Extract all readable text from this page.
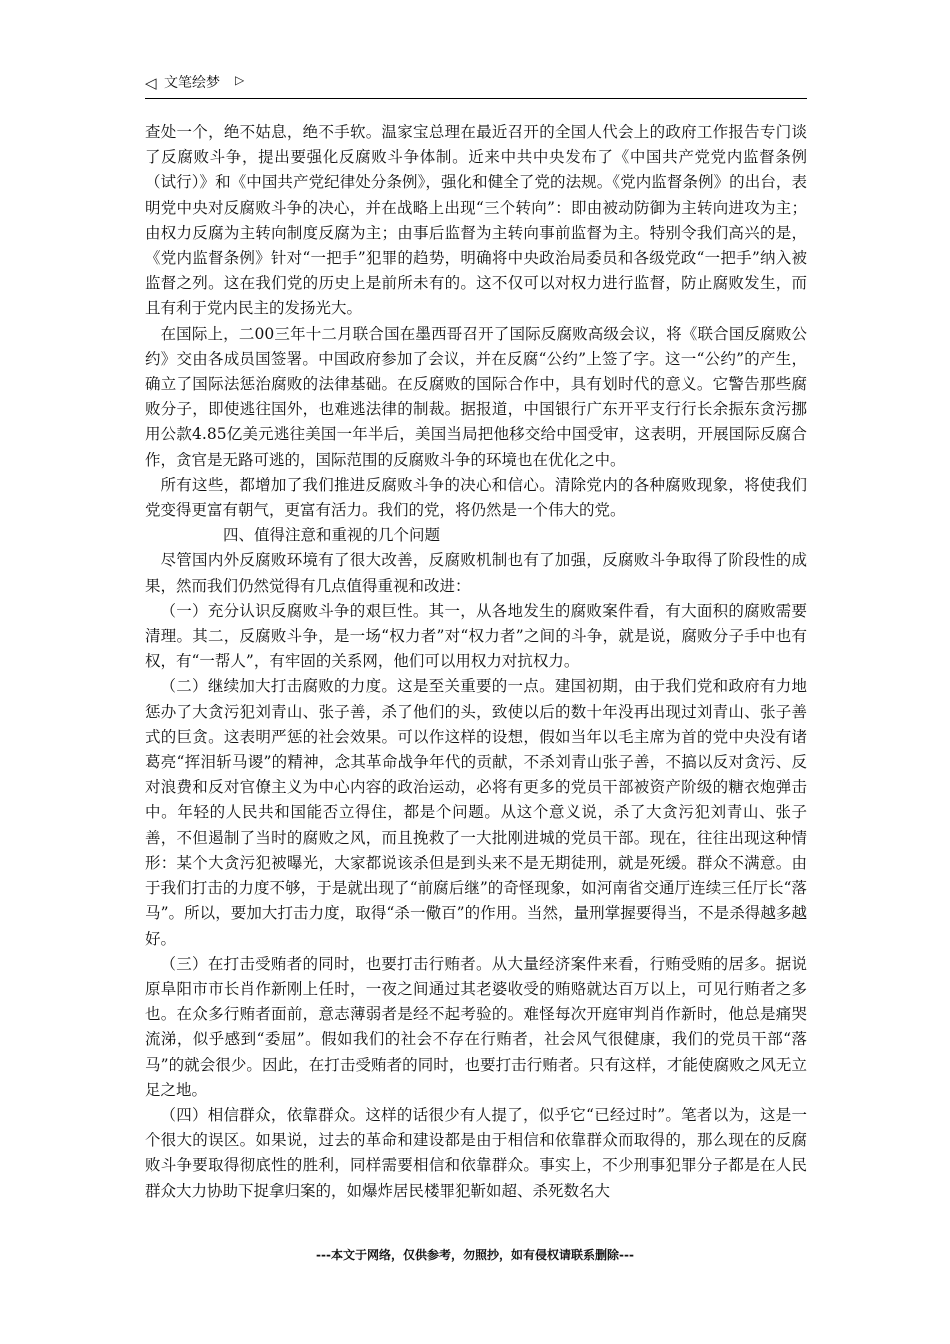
◁ 文笔绘梦 ▷

查处一个，绝不姑息，绝不手软。温家宝总理在最近召开的全国人代会上的政府工作报告专门谈了反腐败斗争，提出要强化反腐败斗争体制。近来中共中央发布了《中国共产党党内监督条例（试行）》和《中国共产党纪律处分条例》，强化和健全了党的法规。《党内监督条例》的出台，表明党中央对反腐败斗争的决心，并在战略上出现“三个转向”：即由被动防御为主转向进攻为主；由权力反腐为主转向制度反腐为主；由事后监督为主转向事前监督为主。特别令我们高兴的是，《党内监督条例》针对“一把手”犯罪的趋势，明确将中央政治局委员和各级党政“一把手”纳入被监督之列。这在我们党的历史上是前所未有的。这不仅可以对权力进行监督，防止腐败发生，而且有利于党内民主的发扬光大。

在国际上，二00三年十二月联合国在墨西哥召开了国际反腐败高级会议，将《联合国反腐败公约》交由各成员国签署。中国政府参加了会议，并在反腐“公约”上签了字。这一“公约”的产生，确立了国际法惩治腐败的法律基础。在反腐败的国际合作中，具有划时代的意义。它警告那些腐败分子，即使逃往国外，也难逃法律的制裁。据报道，中国银行广东开平支行行长余振东贪污挪用公款4.85亿美元逃往美国一年半后，美国当局把他移交给中国受审，这表明，开展国际反腐合作，贪官是无路可逃的，国际范围的反腐败斗争的环境也在优化之中。

所有这些，都增加了我们推进反腐败斗争的决心和信心。清除党内的各种腐败现象，将使我们党变得更富有朝气，更富有活力。我们的党，将仍然是一个伟大的党。

四、值得注意和重视的几个问题

尽管国内外反腐败环境有了很大改善，反腐败机制也有了加强，反腐败斗争取得了阶段性的成果，然而我们仍然觉得有几点值得重视和改进：

（一）充分认识反腐败斗争的艰巨性。其一，从各地发生的腐败案件看，有大面积的腐败需要清理。其二，反腐败斗争，是一场“权力者”对“权力者”之间的斗争，就是说，腐败分子手中也有权，有“一帮人”，有牢固的关系网，他们可以用权力对抗权力。

（二）继续加大打击腐败的力度。这是至关重要的一点。建国初期，由于我们党和政府有力地惩办了大贪污犯刘青山、张子善，杀了他们的头，致使以后的数十年没再出现过刘青山、张子善式的巨贪。这表明严惩的社会效果。可以作这样的设想，假如当年以毛主席为首的党中央没有诸葛亮“挥泪斩马谡”的精神，念其革命战争年代的贡献，不杀刘青山张子善，不搞以反对贪污、反对浪费和反对官僚主义为中心内容的政治运动，必将有更多的党员干部被资产阶级的糖衣炮弹击中。年轻的人民共和国能否立得住，都是个问题。从这个意义说，杀了大贪污犯刘青山、张子善，不但遏制了当时的腐败之风，而且挽救了一大批刚进城的党员干部。现在，往往出现这种情形：某个大贪污犯被曝光，大家都说该杀但是到头来不是无期徒刑，就是死缓。群众不满意。由于我们打击的力度不够，于是就出现了“前腐后继”的奇怪现象，如河南省交通厅连续三任厅长“落马”。所以，要加大打击力度，取得“杀一儆百”的作用。当然，量刑掌握要得当，不是杀得越多越好。

（三）在打击受贿者的同时，也要打击行贿者。从大量经济案件来看，行贿受贿的居多。据说原阜阳市市长肖作新刚上任时，一夜之间通过其老婆收受的贿赂就达百万以上，可见行贿者之多也。在众多行贿者面前，意志薄弱者是经不起考验的。难怪每次开庭审判肖作新时，他总是痛哭流涕，似乎感到“委屈”。假如我们的社会不存在行贿者，社会风气很健康，我们的党员干部“落马”的就会很少。因此，在打击受贿者的同时，也要打击行贿者。只有这样，才能使腐败之风无立足之地。

（四）相信群众，依靠群众。这样的话很少有人提了，似乎它“已经过时”。笔者以为，这是一个很大的误区。如果说，过去的革命和建设都是由于相信和依靠群众而取得的，那么现在的反腐败斗争要取得彻底性的胜利，同样需要相信和依靠群众。事实上，不少刑事犯罪分子都是在人民群众大力协助下捉拿归案的，如爆炸居民楼罪犯靳如超、杀死数名大

---本文于网络，仅供参考，勿照抄，如有侵权请联系删除---
